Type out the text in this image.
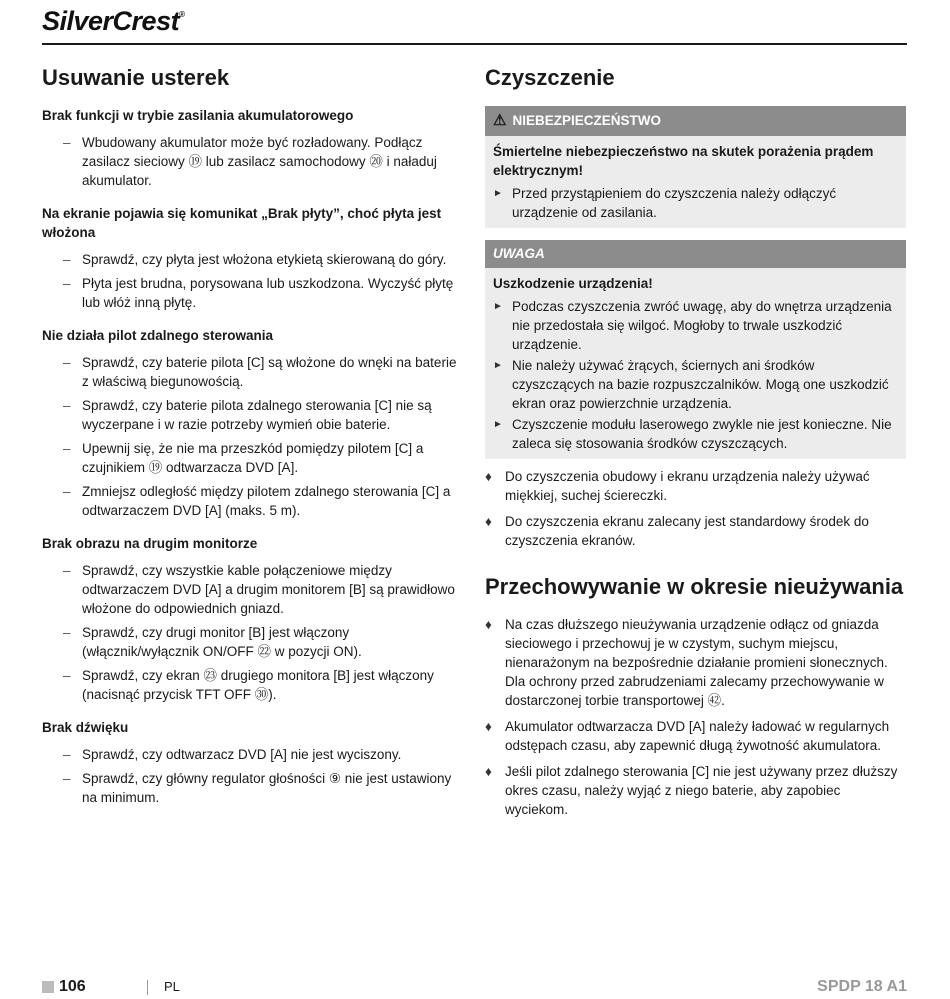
SilverCrest®
Usuwanie usterek
Brak funkcji w trybie zasilania akumulatorowego
– Wbudowany akumulator może być rozładowany. Podłącz zasilacz sieciowy ⑲ lub zasilacz samochodowy ⑳ i naładuj akumulator.
Na ekranie pojawia się komunikat „Brak płyty”, choć płyta jest włożona
– Sprawdź, czy płyta jest włożona etykietą skierowaną do góry.
– Płyta jest brudna, porysowana lub uszkodzona. Wyczyść płytę lub włóż inną płytę.
Nie działa pilot zdalnego sterowania
– Sprawdź, czy baterie pilota [C] są włożone do wnęki na baterie z właściwą biegunowością.
– Sprawdź, czy baterie pilota zdalnego sterowania [C] nie są wyczerpane i w razie potrzeby wymień obie baterie.
– Upewnij się, że nie ma przeszkód pomiędzy pilotem [C] a czujnikiem ⑲ odtwarzacza DVD [A].
– Zmniejsz odległość między pilotem zdalnego sterowania [C] a odtwarzaczem DVD [A] (maks. 5 m).
Brak obrazu na drugim monitorze
– Sprawdź, czy wszystkie kable połączeniowe między odtwarzaczem DVD [A] a drugim monitorem [B] są prawidłowo włożone do odpowiednich gniazd.
– Sprawdź, czy drugi monitor [B] jest włączony (włącznik/wyłącznik ON/OFF ㉒ w pozycji ON).
– Sprawdź, czy ekran ㉓ drugiego monitora [B] jest włączony (nacisnąć przycisk TFT OFF ㉚).
Brak dźwięku
– Sprawdź, czy odtwarzacz DVD [A] nie jest wyciszony.
– Sprawdź, czy główny regulator głośności ⑨ nie jest ustawiony na minimum.
Czyszczenie
⚠ NIEBEZPIECZEŃSTWO
Śmiertelne niebezpieczeństwo na skutek porażenia prądem elektrycznym!
► Przed przystąpieniem do czyszczenia należy odłączyć urządzenie od zasilania.
UWAGA
Uszkodzenie urządzenia!
► Podczas czyszczenia zwróć uwagę, aby do wnętrza urządzenia nie przedostała się wilgoć. Mogłoby to trwale uszkodzić urządzenie.
► Nie należy używać żrących, ściernych ani środków czyszczących na bazie rozpuszczalników. Mogą one uszkodzić ekran oraz powierzchnie urządzenia.
► Czyszczenie modułu laserowego zwykle nie jest konieczne. Nie zaleca się stosowania środków czyszczących.
♦ Do czyszczenia obudowy i ekranu urządzenia należy używać miękkiej, suchej ściereczki.
♦ Do czyszczenia ekranu zalecany jest standardowy środek do czyszczenia ekranów.
Przechowywanie w okresie nieużywania
♦ Na czas dłuższego nieużywania urządzenie odłącz od gniazda sieciowego i przechowuj je w czystym, suchym miejscu, nienarażonym na bezpośrednie działanie promieni słonecznych. Dla ochrony przed zabrudzeniami zalecamy przechowywanie w dostarczonej torbie transportowej ㊷.
♦ Akumulator odtwarzacza DVD [A] należy ładować w regularnych odstępach czasu, aby zapewnić długą żywotność akumulatora.
♦ Jeśli pilot zdalnego sterowania [C] nie jest używany przez dłuższy okres czasu, należy wyjąć z niego baterie, aby zapobiec wyciekom.
106	PL	SPDP 18 A1
